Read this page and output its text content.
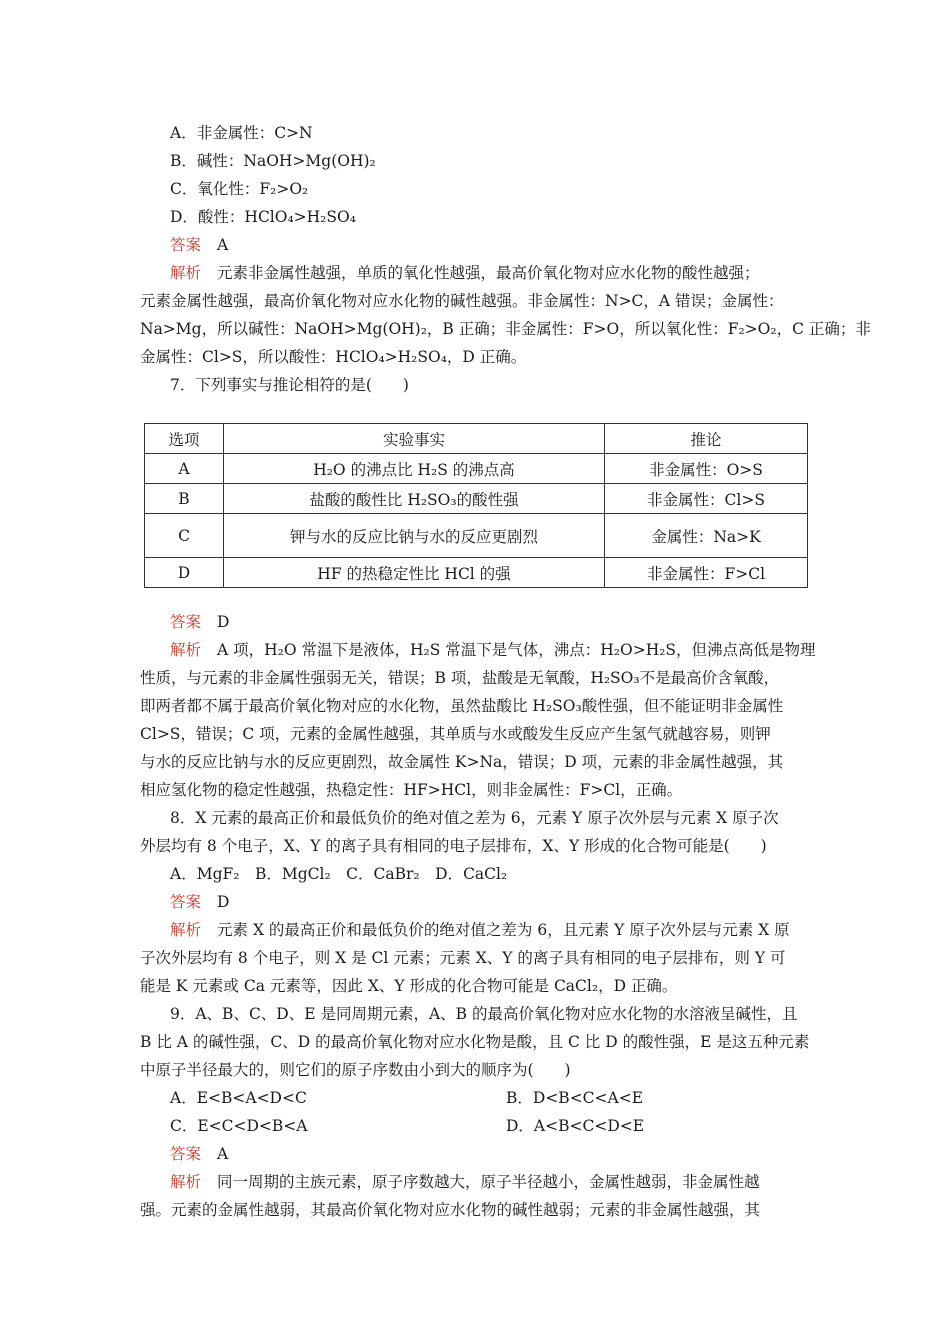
A．非金属性：C>N
B．碱性：NaOH>Mg(OH)₂
C．氧化性：F₂>O₂
D．酸性：HClO₄>H₂SO₄
答案 A
解析 元素非金属性越强，单质的氧化性越强，最高价氧化物对应水化物的酸性越强；
元素金属性越强，最高价氧化物对应水化物的碱性越强。非金属性：N>C，A 错误；金属性：
Na>Mg，所以碱性：NaOH>Mg(OH)₂，B 正确；非金属性：F>O，所以氧化性：F₂>O₂，C 正确；非
金属性：Cl>S，所以酸性：HClO₄>H₂SO₄，D 正确。
7．下列事实与推论相符的是(　　)
选项	实验事实	推论
A	H₂O 的沸点比 H₂S 的沸点高	非金属性：O>S
B	盐酸的酸性比 H₂SO₃的酸性强	非金属性：Cl>S
C	钾与水的反应比钠与水的反应更剧烈	金属性：Na>K
D	HF 的热稳定性比 HCl 的强	非金属性：F>Cl
答案 D
解析 A 项，H₂O 常温下是液体，H₂S 常温下是气体，沸点：H₂O>H₂S，但沸点高低是物理
性质，与元素的非金属性强弱无关，错误；B 项，盐酸是无氧酸，H₂SO₃不是最高价含氧酸，
即两者都不属于最高价氧化物对应的水化物，虽然盐酸比 H₂SO₃酸性强，但不能证明非金属性
Cl>S，错误；C 项，元素的金属性越强，其单质与水或酸发生反应产生氢气就越容易，则钾
与水的反应比钠与水的反应更剧烈，故金属性 K>Na，错误；D 项，元素的非金属性越强，其
相应氢化物的稳定性越强，热稳定性：HF>HCl，则非金属性：F>Cl，正确。
8．X 元素的最高正价和最低负价的绝对值之差为 6，元素 Y 原子次外层与元素 X 原子次
外层均有 8 个电子，X、Y 的离子具有相同的电子层排布，X、Y 形成的化合物可能是(　　)
A．MgF₂　B．MgCl₂　C．CaBr₂　D．CaCl₂
答案 D
解析 元素 X 的最高正价和最低负价的绝对值之差为 6，且元素 Y 原子次外层与元素 X 原
子次外层均有 8 个电子，则 X 是 Cl 元素；元素 X、Y 的离子具有相同的电子层排布，则 Y 可
能是 K 元素或 Ca 元素等，因此 X、Y 形成的化合物可能是 CaCl₂，D 正确。
9．A、B、C、D、E 是同周期元素，A、B 的最高价氧化物对应水化物的水溶液呈碱性，且
B 比 A 的碱性强，C、D 的最高价氧化物对应水化物是酸，且 C 比 D 的酸性强，E 是这五种元素
中原子半径最大的，则它们的原子序数由小到大的顺序为(　　)
A．E<B<A<D<C	B．D<B<C<A<E
C．E<C<D<B<A	D．A<B<C<D<E
答案 A
解析 同一周期的主族元素，原子序数越大，原子半径越小，金属性越弱，非金属性越
强。元素的金属性越弱，其最高价氧化物对应水化物的碱性越弱；元素的非金属性越强，其
